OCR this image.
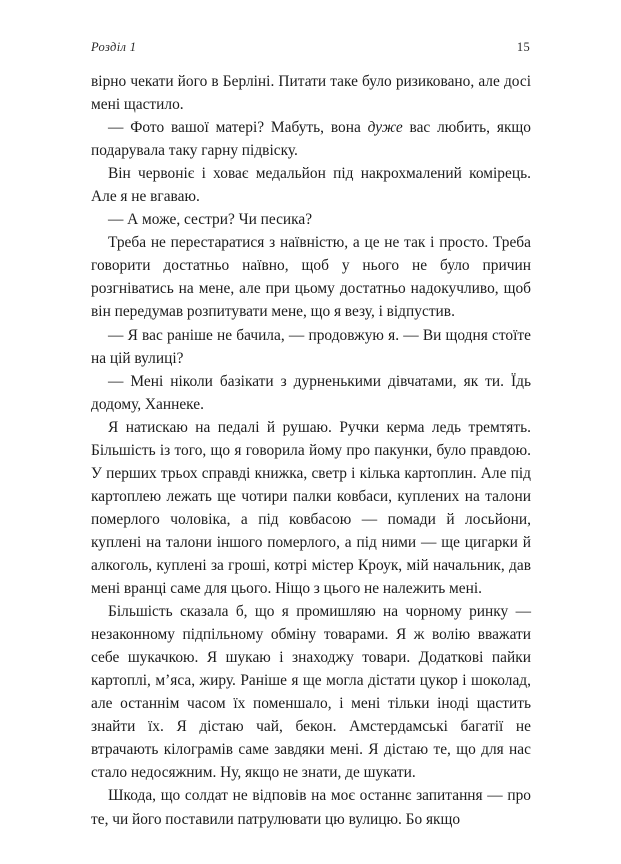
Розділ 1	15

вірно чекати його в Берліні. Питати таке було ризиковано, але досі мені щастило.

— Фото вашої матері? Мабуть, вона дуже вас любить, якщо подарувала таку гарну підвіску.

Він червоніє і ховає медальйон під накрохмалений комірець. Але я не вгаваю.

— А може, сестри? Чи песика?

Треба не перестаратися з наївністю, а це не так і просто. Треба говорити достатньо наївно, щоб у нього не було причин розгніватись на мене, але при цьому достатньо надокучливо, щоб він передумав розпитувати мене, що я везу, і відпустив.

— Я вас раніше не бачила, — продовжую я. — Ви щодня стоїте на цій вулиці?

— Мені ніколи базікати з дурненькими дівчатами, як ти. Їдь додому, Ханнеке.

Я натискаю на педалі й рушаю. Ручки керма ледь тремтять. Більшість із того, що я говорила йому про пакунки, було правдою. У перших трьох справді книжка, светр і кілька картоплин. Але під картоплею лежать ще чотири палки ковбаси, куплених на талони померлого чоловіка, а під ковбасою — помади й лосьйони, куплені на талони іншого померлого, а під ними — ще цигарки й алкоголь, куплені за гроші, котрі містер Кроук, мій начальник, дав мені вранці саме для цього. Ніщо з цього не належить мені.

Більшість сказала б, що я промишляю на чорному ринку — незаконному підпільному обміну товарами. Я ж волію вважати себе шукачкою. Я шукаю і знаходжу товари. Додаткові пайки картоплі, м’яса, жиру. Раніше я ще могла дістати цукор і шоколад, але останнім часом їх поменшало, і мені тільки іноді щастить знайти їх. Я дістаю чай, бекон. Амстердамські багатії не втрачають кілограмів саме завдяки мені. Я дістаю те, що для нас стало недосяжним. Ну, якщо не знати, де шукати.

Шкода, що солдат не відповів на моє останнє запитання — про те, чи його поставили патрулювати цю вулицю. Бо якщо
